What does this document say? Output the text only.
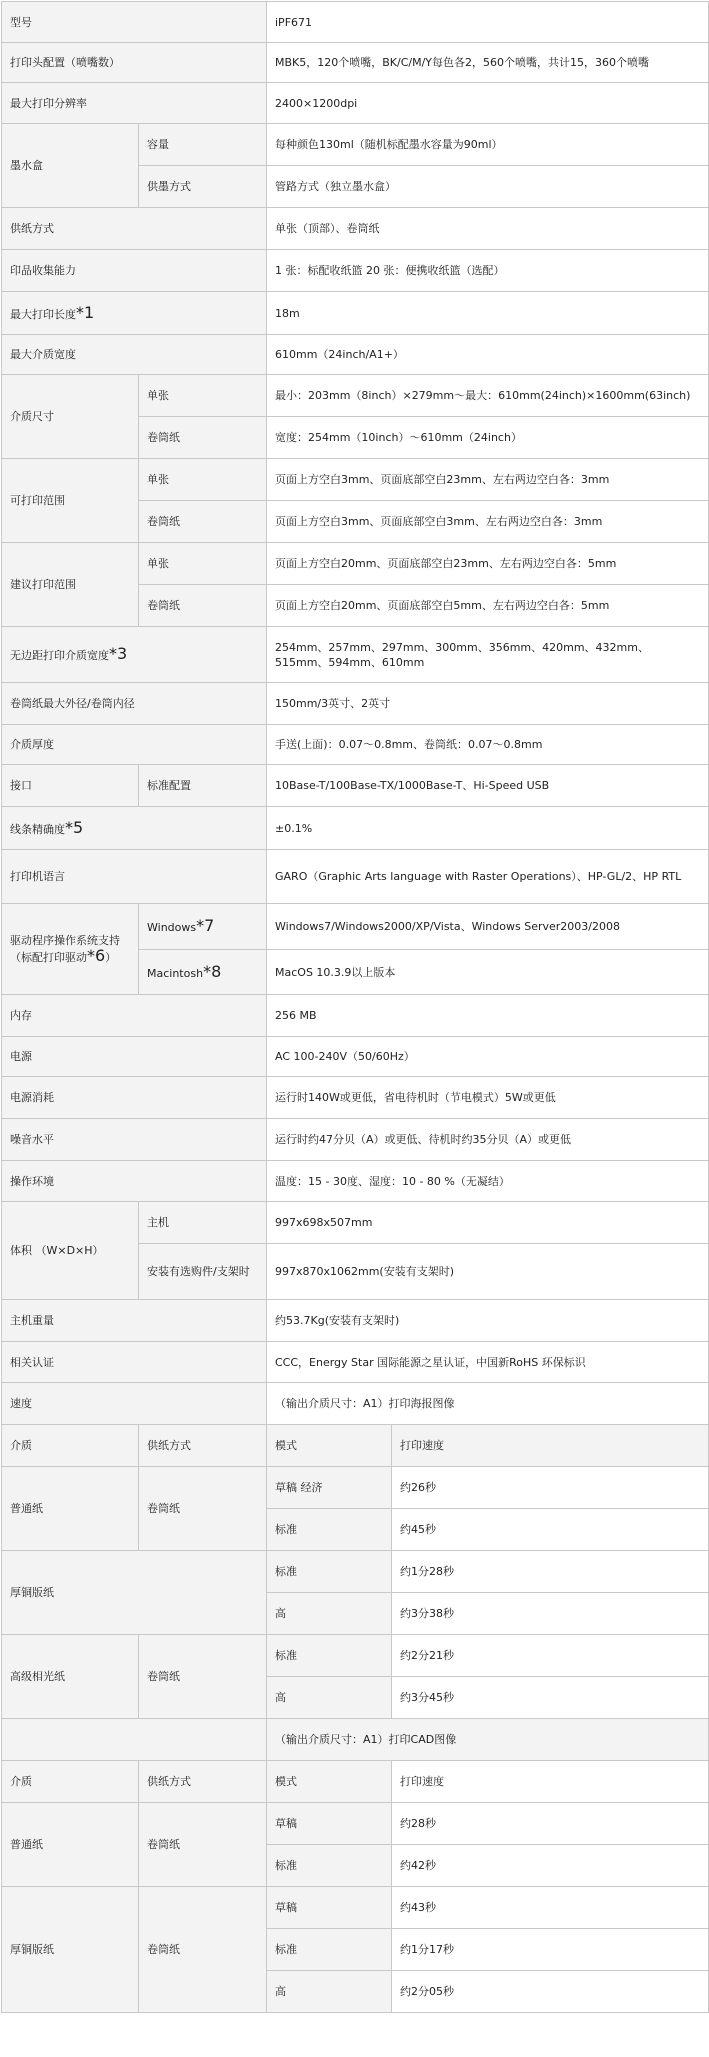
型号		iPF671	
打印头配置（喷嘴数）		MBK5，120个喷嘴，BK/C/M/Y每色各2，560个喷嘴，共计15，360个喷嘴	
最大打印分辨率		2400×1200dpi	
墨水盒	容量	每种颜色130ml（随机标配墨水容量为90ml）	
	供墨方式	管路方式（独立墨水盒）	
供纸方式		单张（顶部）、卷筒纸	
印品收集能力		1 张：标配收纸篮 20 张：便携收纸篮（选配）	
最大打印长度*1		18m	
最大介质宽度		610mm（24inch/A1+）	
介质尺寸	单张	最小：203mm（8inch）×279mm～最大：610mm(24inch)×1600mm(63inch)	
	卷筒纸	宽度：254mm（10inch）～610mm（24inch）	
可打印范围	单张	页面上方空白3mm、页面底部空白23mm、左右两边空白各：3mm	
	卷筒纸	页面上方空白3mm、页面底部空白3mm、左右两边空白各：3mm	
建议打印范围	单张	页面上方空白20mm、页面底部空白23mm、左右两边空白各：5mm	
	卷筒纸	页面上方空白20mm、页面底部空白5mm、左右两边空白各：5mm	
无边距打印介质宽度*3		254mm、257mm、297mm、300mm、356mm、420mm、432mm、
515mm、594mm、610mm	

卷筒纸最大外径/卷筒内径		150mm/3英寸、2英寸	
介质厚度		手送(上面)：0.07～0.8mm、卷筒纸：0.07～0.8mm	
接口	标准配置	10Base-T/100Base-TX/1000Base-T、Hi-Speed USB	
线条精确度*5		±0.1%	
打印机语言		GARO（Graphic Arts language with Raster Operations）、HP-GL/2、HP RTL	
驱动程序操作系统支持（标配打印驱动*6）	Windows*7	Windows7/Windows2000/XP/Vista、Windows Server2003/2008	
	Macintosh*8	MacOS 10.3.9以上版本	
内存		256 MB	
电源		AC 100-240V（50/60Hz）	
电源消耗		运行时140W或更低，省电待机时（节电模式）5W或更低	
噪音水平		运行时约47分贝（A）或更低、待机时约35分贝（A）或更低	
操作环境		温度：15 - 30度、湿度：10 - 80 %（无凝结）	
体积 （W×D×H）	主机	997x698x507mm	
	安装有选购件/支架时	997x870x1062mm(安装有支架时)	
主机重量		约53.7Kg(安装有支架时)	
相关认证		CCC，Energy Star 国际能源之星认证，中国新RoHS 环保标识	
速度		（输出介质尺寸：A1）打印海报图像	
介质	供纸方式	模式	打印速度
普通纸	卷筒纸	草稿 经济	约26秒
		标准	约45秒
厚铜版纸		标准	约1分28秒
		高	约3分38秒

高级相光纸	卷筒纸	标准	约2分21秒
		高	约3分45秒
		（输出介质尺寸：A1）打印CAD图像	
介质	供纸方式	模式	打印速度
普通纸	卷筒纸	草稿	约28秒
		标准	约42秒
厚铜版纸	卷筒纸	草稿	约43秒
		标准	约1分17秒
		高	约2分05秒
